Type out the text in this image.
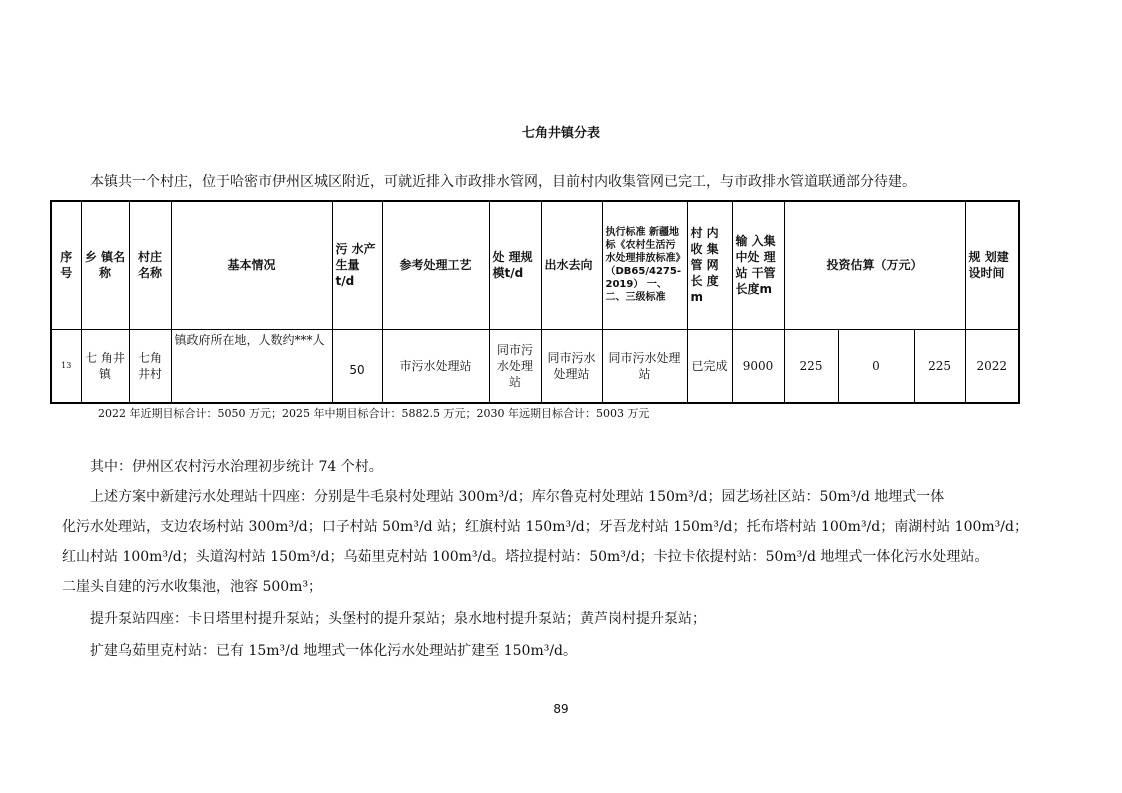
七角井镇分表
本镇共一个村庄，位于哈密市伊州区城区附近，可就近排入市政排水管网，目前村内收集管网已完工，与市政排水管道联通部分待建。
序号	乡 镇名称	村庄名称	基本情况	污 水产 生量 t/d	参考处理工艺	处 理规 模t/d	出水去向	执行标准 新疆地标《农村生活污水处理排放标准》（DB65/4275-2019） 一、二、三级标准	村 内收 集管 网长 度m	输 入集 中处 理站 干管 长度m	投资估算（万元）			规 划建 设时间
13	七 角井镇	七角井村	镇政府所在地，人数约***人	50	市污水处理站	同市污水处理站	同市污水处理站	同市污水处理站	已完成	9000	225	0	225	2022
2022 年近期目标合计：5050 万元；2025 年中期目标合计：5882.5 万元；2030 年远期目标合计：5003 万元
其中：伊州区农村污水治理初步统计 74 个村。
上述方案中新建污水处理站十四座：分别是牛毛泉村处理站 300m³/d；库尔鲁克村处理站 150m³/d；园艺场社区站：50m³/d 地埋式一体
化污水处理站，支边农场村站 300m³/d；口子村站 50m³/d 站；红旗村站 150m³/d；牙吾龙村站 150m³/d；托布塔村站 100m³/d；南湖村站 100m³/d；
红山村站 100m³/d；头道沟村站 150m³/d；乌茹里克村站 100m³/d。塔拉提村站：50m³/d；卡拉卡依提村站：50m³/d 地埋式一体化污水处理站。
二崖头自建的污水收集池，池容 500m³；
提升泵站四座：卡日塔里村提升泵站；头堡村的提升泵站；泉水地村提升泵站；黄芦岗村提升泵站；
扩建乌茹里克村站：已有 15m³/d 地埋式一体化污水处理站扩建至 150m³/d。
89
